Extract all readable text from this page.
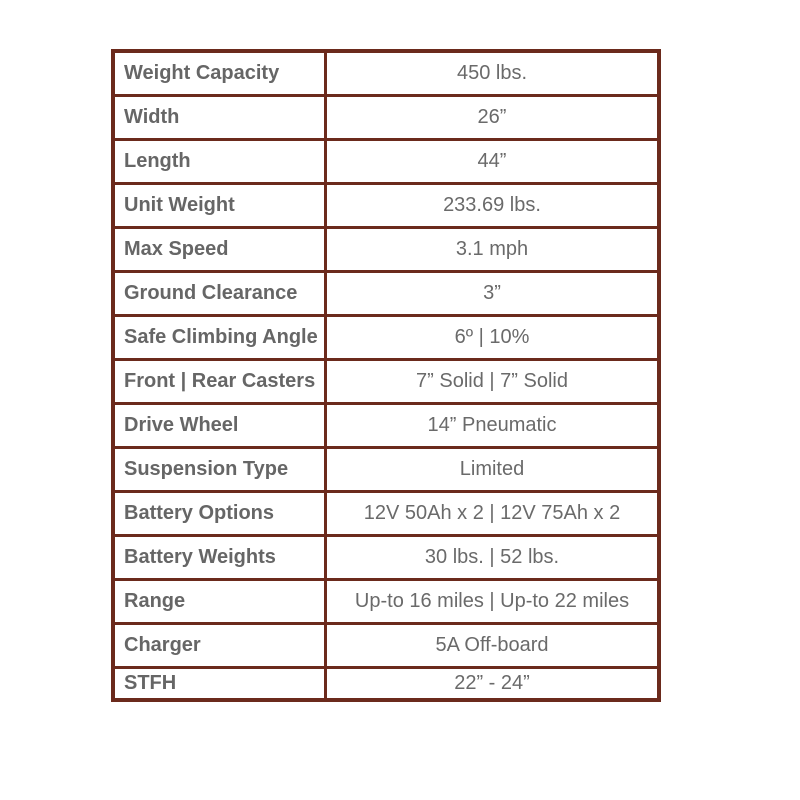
Weight Capacity	450 lbs.
Width	26”
Length	44”
Unit Weight	233.69 lbs.
Max Speed	3.1 mph
Ground Clearance	3”
Safe Climbing Angle	6º | 10%
Front | Rear Casters	7” Solid | 7” Solid
Drive Wheel	14” Pneumatic
Suspension Type	Limited
Battery Options	12V 50Ah x 2 | 12V 75Ah x 2
Battery Weights	30 lbs. | 52 lbs.
Range	Up-to 16 miles | Up-to 22 miles
Charger	5A Off-board
STFH	22” - 24”
